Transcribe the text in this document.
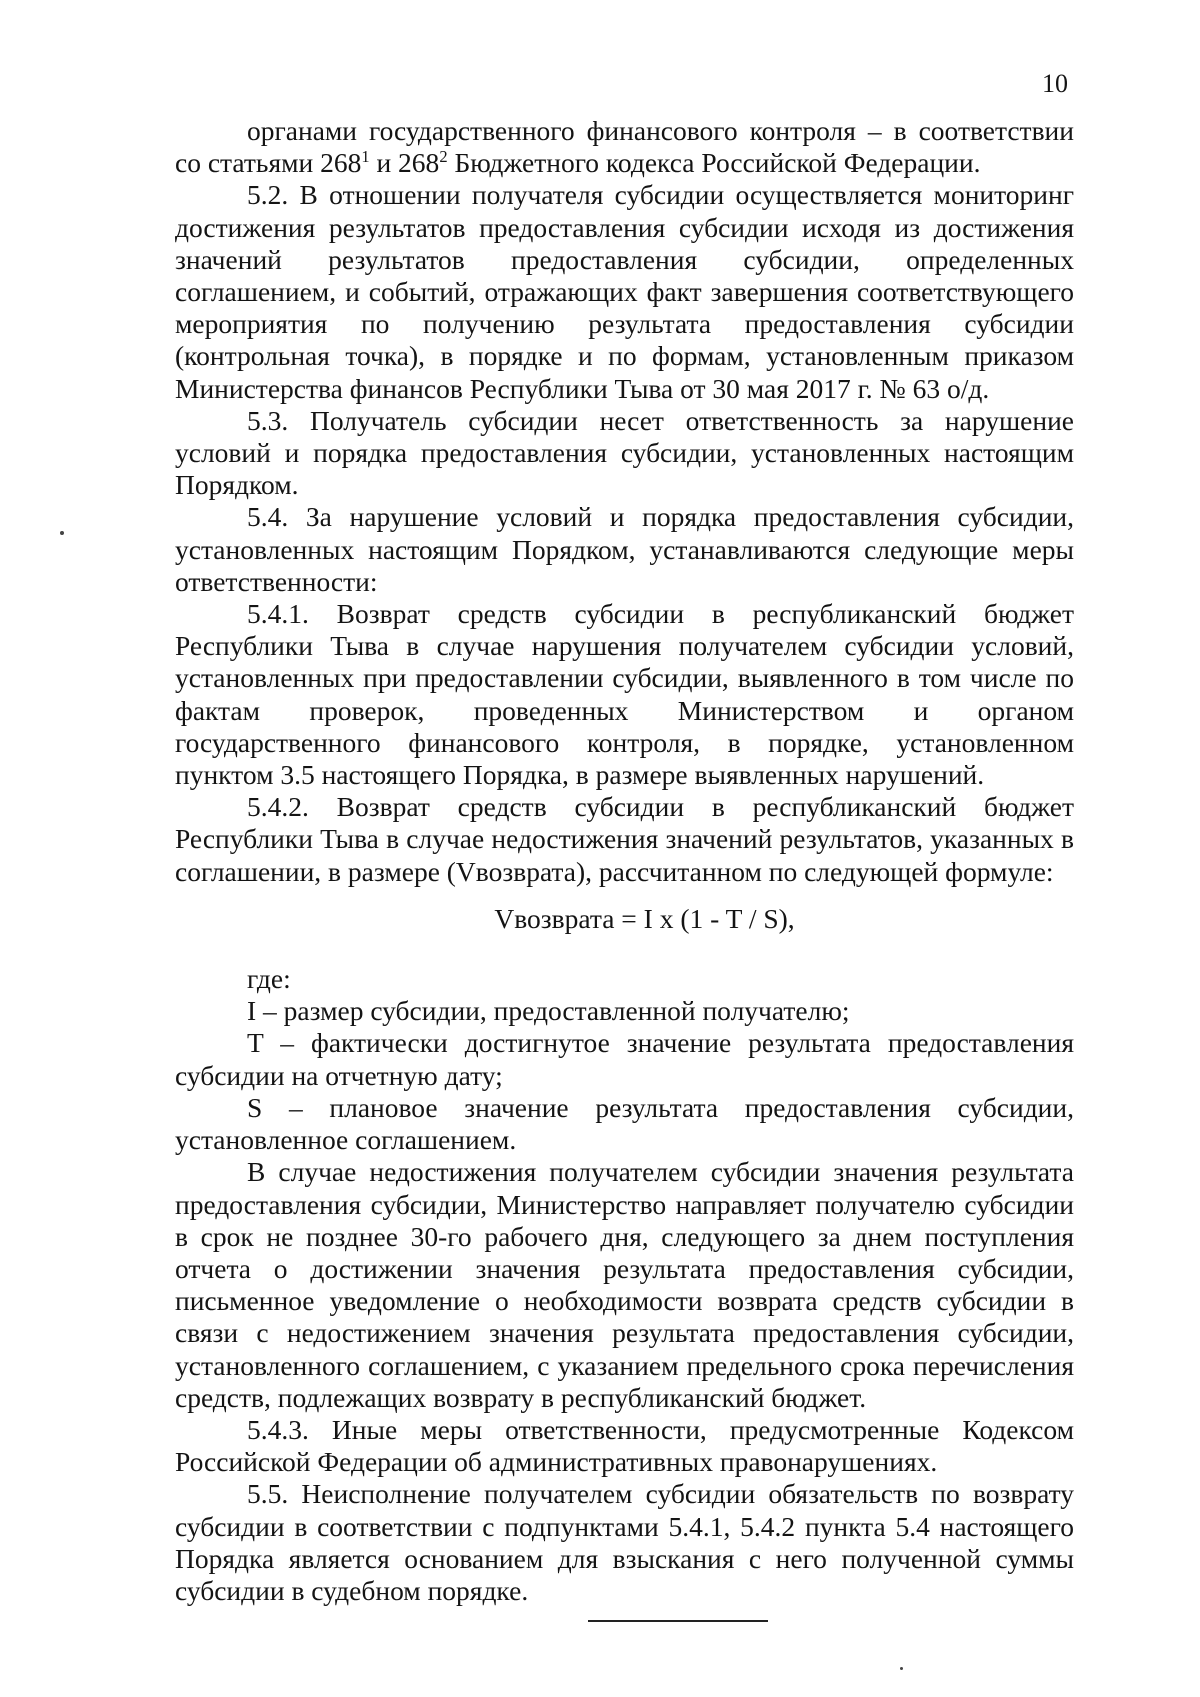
10

органами государственного финансового контроля – в соответствии со статьями $268^1$ и $268^2$ Бюджетного кодекса Российской Федерации.

5.2. В отношении получателя субсидии осуществляется мониторинг достижения результатов предоставления субсидии исходя из достижения значений результатов предоставления субсидии, определенных соглашением, и событий, отражающих факт завершения соответствующего мероприятия по получению результата предоставления субсидии (контрольная точка), в порядке и по формам, установленным приказом Министерства финансов Республики Тыва от 30 мая 2017 г. № 63 о/д.

5.3. Получатель субсидии несет ответственность за нарушение условий и порядка предоставления субсидии, установленных настоящим Порядком.

5.4. За нарушение условий и порядка предоставления субсидии, установленных настоящим Порядком, устанавливаются следующие меры ответственности:

5.4.1. Возврат средств субсидии в республиканский бюджет Республики Тыва в случае нарушения получателем субсидии условий, установленных при предоставлении субсидии, выявленного в том числе по фактам проверок, проведенных Министерством и органом государственного финансового контроля, в порядке, установленном пунктом 3.5 настоящего Порядка, в размере выявленных нарушений.

5.4.2. Возврат средств субсидии в республиканский бюджет Республики Тыва в случае недостижения значений результатов, указанных в соглашении, в размере (Vвозврата), рассчитанном по следующей формуле:

Vвозврата = I x (1 - T / S),

где:

I – размер субсидии, предоставленной получателю;

T – фактически достигнутое значение результата предоставления субсидии на отчетную дату;

S – плановое значение результата предоставления субсидии, установленное соглашением.

В случае недостижения получателем субсидии значения результата предоставления субсидии, Министерство направляет получателю субсидии в срок не позднее 30-го рабочего дня, следующего за днем поступления отчета о достижении значения результата предоставления субсидии, письменное уведомление о необходимости возврата средств субсидии в связи с недостижением значения результата предоставления субсидии, установленного соглашением, с указанием предельного срока перечисления средств, подлежащих возврату в республиканский бюджет.

5.4.3. Иные меры ответственности, предусмотренные Кодексом Российской Федерации об административных правонарушениях.

5.5. Неисполнение получателем субсидии обязательств по возврату субсидии в соответствии с подпунктами 5.4.1, 5.4.2 пункта 5.4 настоящего Порядка является основанием для взыскания с него полученной суммы субсидии в судебном порядке.
